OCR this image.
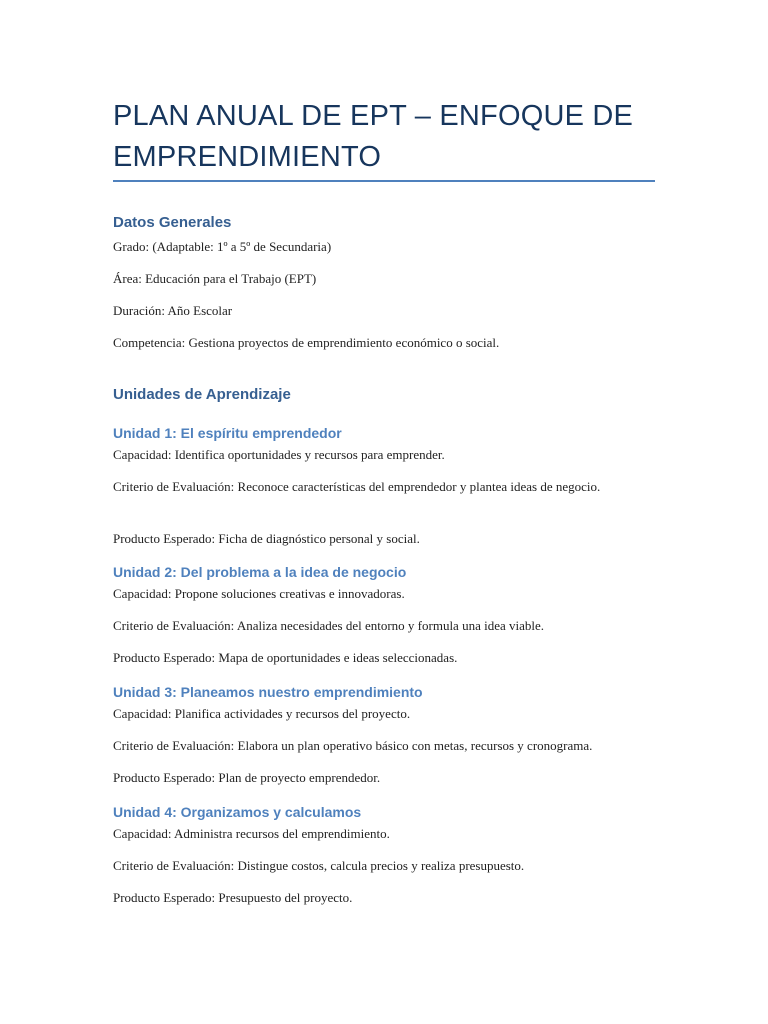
PLAN ANUAL DE EPT – ENFOQUE DE EMPRENDIMIENTO
Datos Generales

Grado: (Adaptable: 1º a 5º de Secundaria)

Área: Educación para el Trabajo (EPT)

Duración: Año Escolar

Competencia: Gestiona proyectos de emprendimiento económico o social.

Unidades de Aprendizaje
Unidad 1: El espíritu emprendedor

Capacidad: Identifica oportunidades y recursos para emprender.

Criterio de Evaluación: Reconoce características del emprendedor y plantea ideas de negocio.

Producto Esperado: Ficha de diagnóstico personal y social.

Unidad 2: Del problema a la idea de negocio

Capacidad: Propone soluciones creativas e innovadoras.

Criterio de Evaluación: Analiza necesidades del entorno y formula una idea viable.

Producto Esperado: Mapa de oportunidades e ideas seleccionadas.

Unidad 3: Planeamos nuestro emprendimiento

Capacidad: Planifica actividades y recursos del proyecto.

Criterio de Evaluación: Elabora un plan operativo básico con metas, recursos y cronograma.

Producto Esperado: Plan de proyecto emprendedor.

Unidad 4: Organizamos y calculamos

Capacidad: Administra recursos del emprendimiento.

Criterio de Evaluación: Distingue costos, calcula precios y realiza presupuesto.

Producto Esperado: Presupuesto del proyecto.
